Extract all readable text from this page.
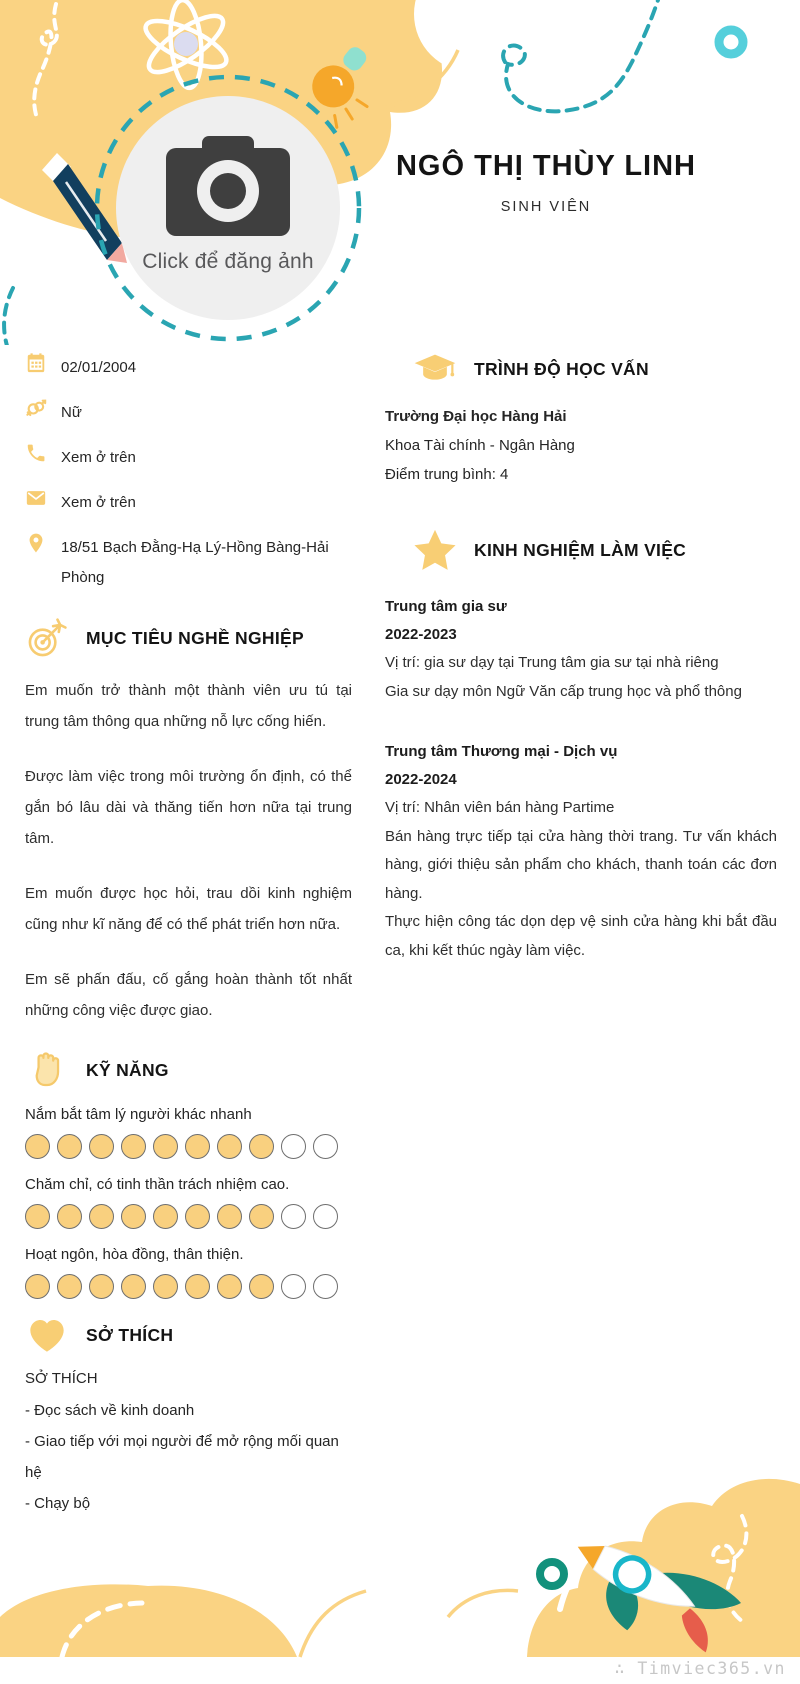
Click để đăng ảnh
NGÔ THỊ THÙY LINH
SINH VIÊN
02/01/2004
Nữ
Xem ở trên
Xem ở trên
18/51 Bạch Đằng-Hạ Lý-Hồng Bàng-Hải Phòng
MỤC TIÊU NGHỀ NGHIỆP

Em muốn trở thành một thành viên ưu tú tại trung tâm thông qua những nỗ lực cống hiến.

Được làm việc trong môi trường ổn định, có thể gắn bó lâu dài và thăng tiến hơn nữa tại trung tâm.

Em muốn được học hỏi, trau dồi kinh nghiệm cũng như kĩ năng để có thể phát triển hơn nữa.

Em sẽ phấn đấu, cố gắng hoàn thành tốt nhất những công việc được giao.

KỸ NĂNG
Nắm bắt tâm lý người khác nhanh
Chăm chỉ, có tinh thần trách nhiệm cao.
Hoạt ngôn, hòa đồng, thân thiện.
SỞ THÍCH
SỞ THÍCH
- Đọc sách về kinh doanh
- Giao tiếp với mọi người để mở rộng mối quan hệ
- Chạy bộ
TRÌNH ĐỘ HỌC VẤN

Trường Đại học Hàng Hải

Khoa Tài chính - Ngân Hàng

Điểm trung bình: 4

KINH NGHIỆM LÀM VIỆC

Trung tâm gia sư

2022-2023

Vị trí: gia sư dạy tại Trung tâm gia sư tại nhà riêng

Gia sư dạy môn Ngữ Văn cấp trung học và phổ thông

Trung tâm Thương mại - Dịch vụ

2022-2024

Vị trí: Nhân viên bán hàng Partime

Bán hàng trực tiếp tại cửa hàng thời trang. Tư vấn khách hàng, giới thiệu sản phẩm cho khách, thanh toán các đơn hàng.

Thực hiện công tác dọn dẹp vệ sinh cửa hàng khi bắt đầu ca, khi kết thúc ngày làm việc.

∴ Timviec365.vn
